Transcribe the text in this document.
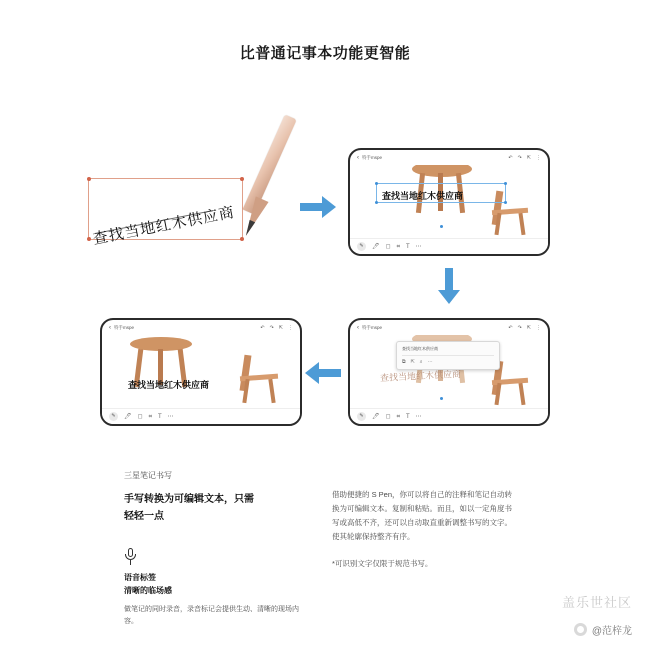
比普通记事本功能更智能
查找当地红木供应商
‹ 特手mspe	↶ ↷ ⇱ ⋮
查找当地红木供应商
✎	🖊 ◻ ⌗ T ⋯
‹ 特手mspe	↶ ↷ ⇱ ⋮
查找当地红木供应商
查找当地红木供应商
⧉ ⇱ ⌕ ⋯
✎	🖊 ◻ ⌗ T ⋯
‹ 特手mspe	↶ ↷ ⇱ ⋮
查找当地红木供应商
✎	🖊 ◻ ⌗ T ⋯
三星笔记书写
手写转换为可编辑文本，只需
轻轻一点
借助便捷的 S Pen，你可以将自己的注释和笔记自动转换为可编辑文本。复制和粘贴。而且，如以一定角度书写或高低不齐，还可以自动取直重新调整书写的文字。使其轮廓保持整齐有序。
*可识别文字仅限于规范书写。
语音标签
清晰的临场感
做笔记的同时录音，录音标记会提供生动、清晰的现场内容。
盖乐世社区
@范梓龙
